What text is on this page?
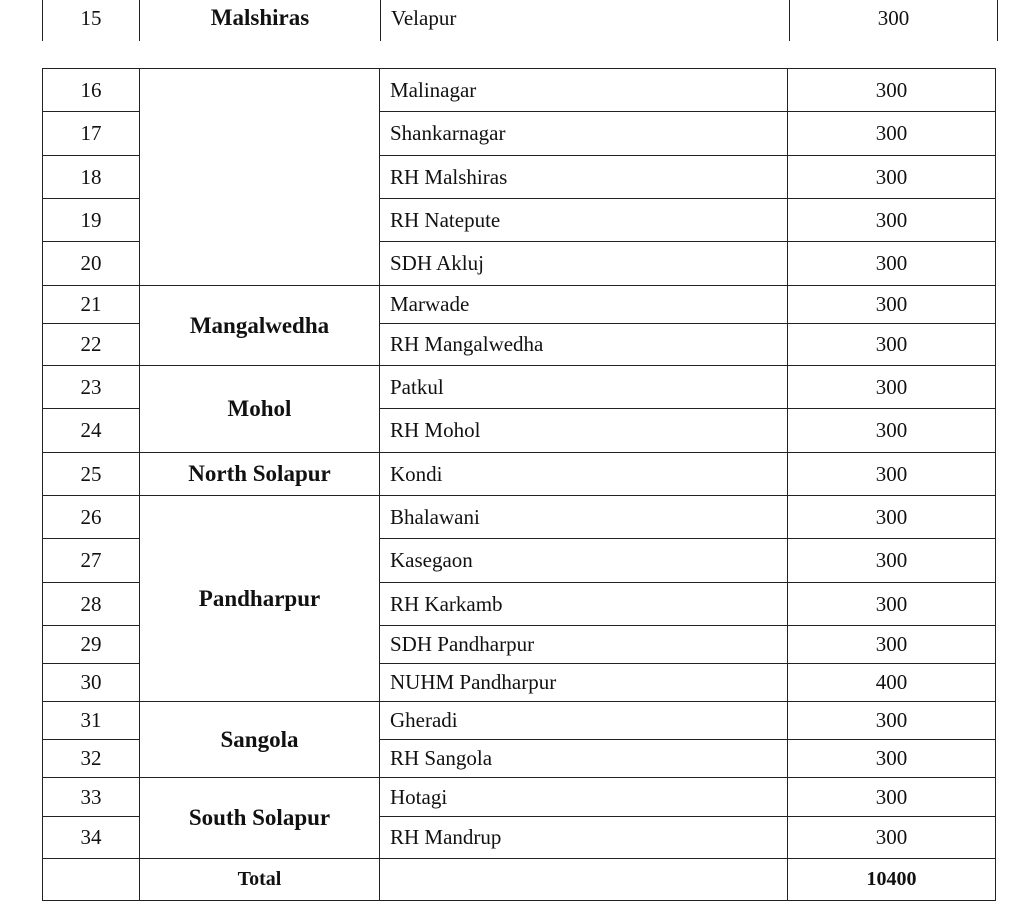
15	Malshiras	Velapur	300
16		Malinagar	300
17		Shankarnagar	300
18		RH Malshiras	300
19		RH Natepute	300
20		SDH Akluj	300
21	Mangalwedha	Marwade	300
22		RH Mangalwedha	300
23	Mohol	Patkul	300
24		RH Mohol	300
25	North Solapur	Kondi	300
26	Pandharpur	Bhalawani	300
27		Kasegaon	300
28		RH Karkamb	300
29		SDH Pandharpur	300
30		NUHM Pandharpur	400
31	Sangola	Gheradi	300
32		RH Sangola	300
33	South Solapur	Hotagi	300
34		RH Mandrup	300
	Total		10400
